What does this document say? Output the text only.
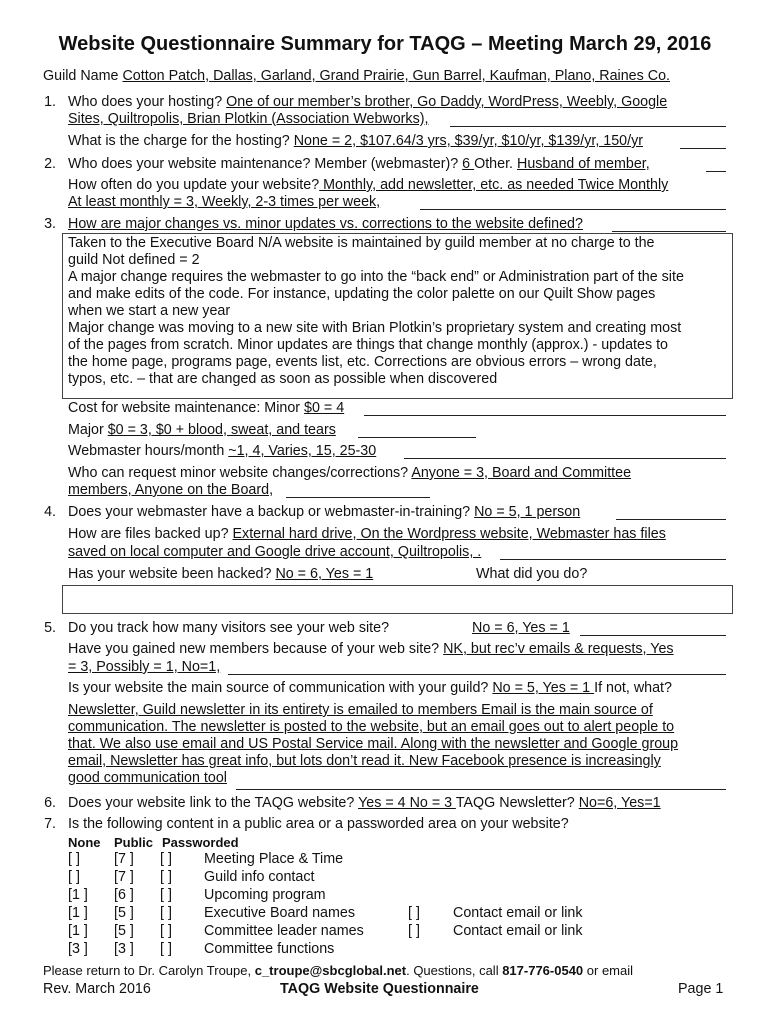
Website Questionnaire Summary for TAQG – Meeting March 29, 2016
Guild Name Cotton Patch, Dallas, Garland, Grand Prairie, Gun Barrel, Kaufman, Plano, Raines Co.
1. Who does your hosting? One of our member’s brother, Go Daddy, WordPress, Weebly, Google
Sites, Quiltropolis, Brian Plotkin (Association Webworks),
What is the charge for the hosting? None = 2, $107.64/3 yrs, $39/yr, $10/yr, $139/yr, 150/yr
2. Who does your website maintenance? Member (webmaster)? 6 Other. Husband of member,
How often do you update your website? Monthly, add newsletter, etc. as needed Twice Monthly
At least monthly = 3, Weekly, 2-3 times per week,
3. How are major changes vs. minor updates vs. corrections to the website defined?
Taken to the Executive Board N/A website is maintained by guild member at no charge to the
guild Not defined = 2
A major change requires the webmaster to go into the “back end” or Administration part of the site
and make edits of the code. For instance, updating the color palette on our Quilt Show pages
when we start a new year
Major change was moving to a new site with Brian Plotkin’s proprietary system and creating most
of the pages from scratch. Minor updates are things that change monthly (approx.) - updates to
the home page, programs page, events list, etc. Corrections are obvious errors – wrong date,
typos, etc. – that are changed as soon as possible when discovered
Cost for website maintenance: Minor $0 = 4
Major $0 = 3, $0 + blood, sweat, and tears
Webmaster hours/month ~1, 4, Varies, 15, 25-30
Who can request minor website changes/corrections? Anyone = 3, Board and Committee
members, Anyone on the Board,
4. Does your webmaster have a backup or webmaster-in-training? No = 5, 1 person
How are files backed up? External hard drive, On the Wordpress website, Webmaster has files
saved on local computer and Google drive account, Quiltropolis, .
Has your website been hacked? No = 6, Yes = 1	What did you do?
5. Do you track how many visitors see your web site?	No = 6, Yes = 1
Have you gained new members because of your web site? NK, but rec’v emails & requests, Yes
= 3, Possibly = 1, No=1,
Is your website the main source of communication with your guild? No = 5, Yes = 1 If not, what?
Newsletter, Guild newsletter in its entirety is emailed to members Email is the main source of
communication. The newsletter is posted to the website, but an email goes out to alert people to
that. We also use email and US Postal Service mail. Along with the newsletter and Google group
email, Newsletter has great info, but lots don’t read it. New Facebook presence is increasingly
good communication tool
6. Does your website link to the TAQG website? Yes = 4 No = 3 TAQG Newsletter? No=6, Yes=1
7. Is the following content in a public area or a passworded area on your website?
None Public Passworded
[ ] [7 ] [ ] Meeting Place & Time
[ ] [7 ] [ ] Guild info contact
[1 ] [6 ] [ ] Upcoming program
[1 ] [5 ] [ ] Executive Board names	[ ] Contact email or link
[1 ] [5 ] [ ] Committee leader names	[ ] Contact email or link
[3 ] [3 ] [ ] Committee functions
Please return to Dr. Carolyn Troupe, c_troupe@sbcglobal.net. Questions, call 817-776-0540 or email
Rev. March 2016	TAQG Website Questionnaire	Page 1
